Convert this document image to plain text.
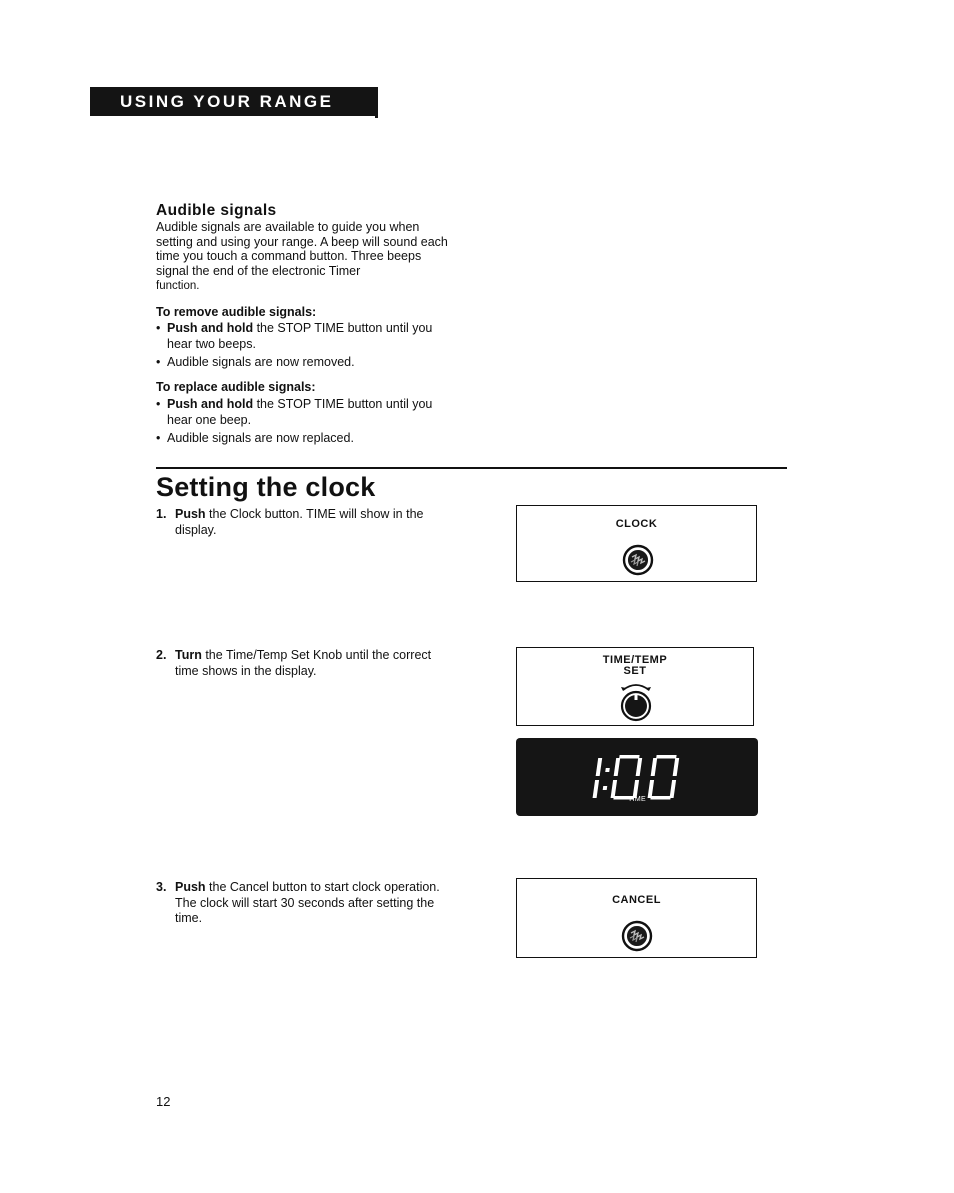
USING YOUR RANGE
Audible signals
Audible signals are available to guide you when setting and using your range. A beep will sound each time you touch a command button. Three beeps signal the end of the electronic Timer
function.
To remove audible signals:
• Push and hold the STOP TIME button until you hear two beeps.
• Audible signals are now removed.
To replace audible signals:
• Push and hold the STOP TIME button until you hear one beep.
• Audible signals are now replaced.
Setting the clock
1. Push the Clock button. TIME will show in the display.
2. Turn the Time/Temp Set Knob until the correct time shows in the display.
3. Push the Cancel button to start clock operation. The clock will start 30 seconds after setting the time.
CLOCK
TIME/TEMP
SET
TIME
CANCEL
12
